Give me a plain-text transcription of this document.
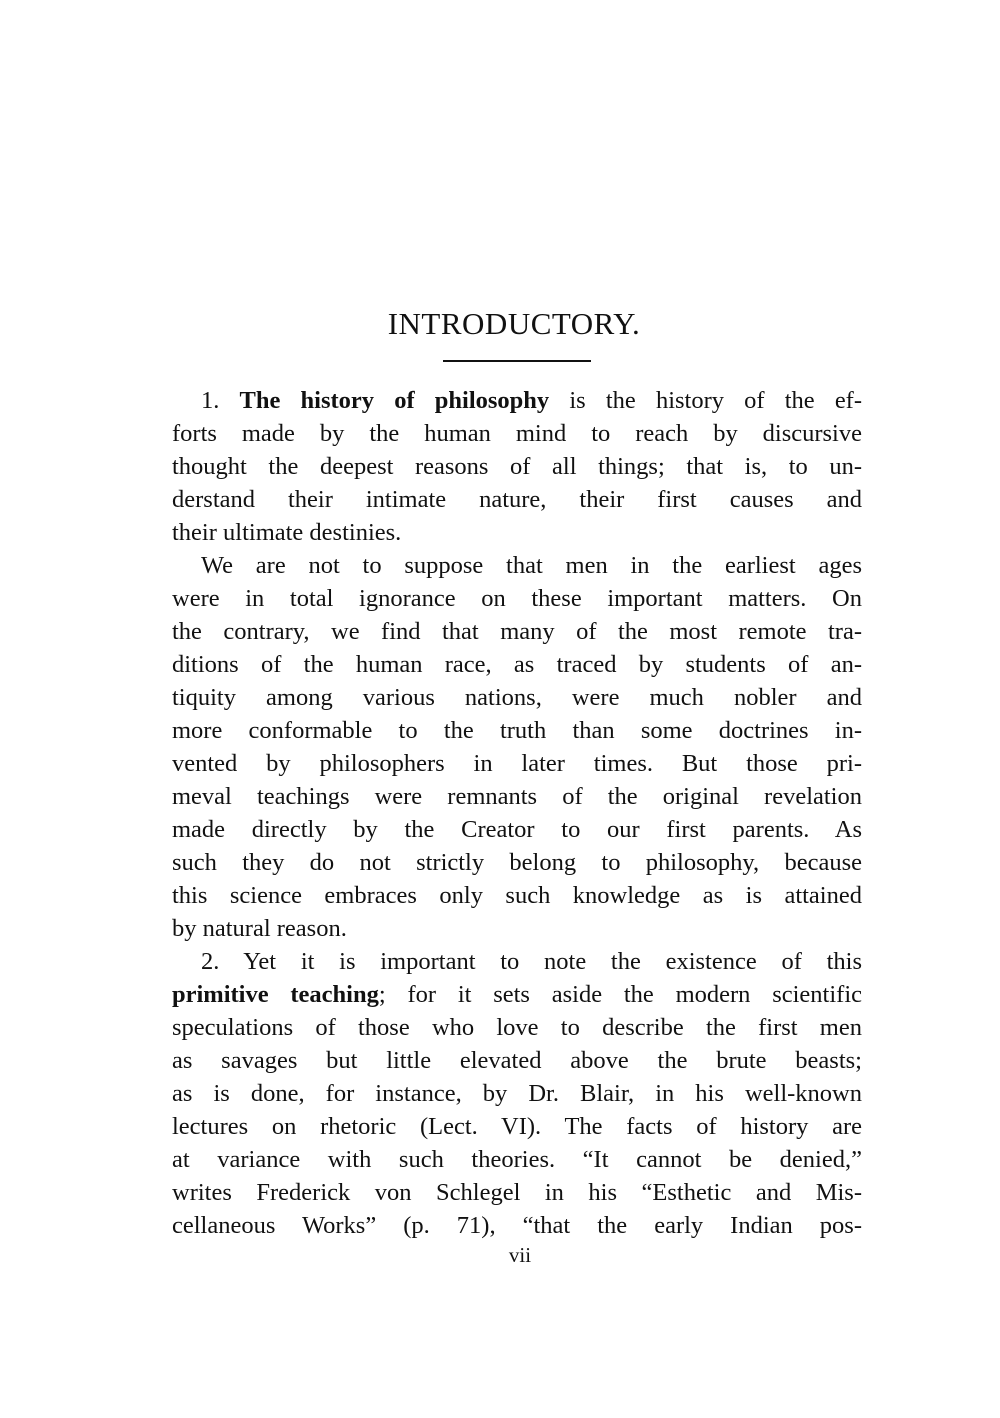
INTRODUCTORY.
1. The history of philosophy is the history of the ef-
forts made by the human mind to reach by discursive
thought the deepest reasons of all things; that is, to un-
derstand their intimate nature, their first causes and
their ultimate destinies.
We are not to suppose that men in the earliest ages
were in total ignorance on these important matters. On
the contrary, we find that many of the most remote tra-
ditions of the human race, as traced by students of an-
tiquity among various nations, were much nobler and
more conformable to the truth than some doctrines in-
vented by philosophers in later times. But those pri-
meval teachings were remnants of the original revelation
made directly by the Creator to our first parents. As
such they do not strictly belong to philosophy, because
this science embraces only such knowledge as is attained
by natural reason.
2. Yet it is important to note the existence of this
primitive teaching; for it sets aside the modern scientific
speculations of those who love to describe the first men
as savages but little elevated above the brute beasts;
as is done, for instance, by Dr. Blair, in his well-known
lectures on rhetoric (Lect. VI). The facts of history are
at variance with such theories. “It cannot be denied,”
writes Frederick von Schlegel in his “Esthetic and Mis-
cellaneous Works” (p. 71), “that the early Indian pos-
vii
